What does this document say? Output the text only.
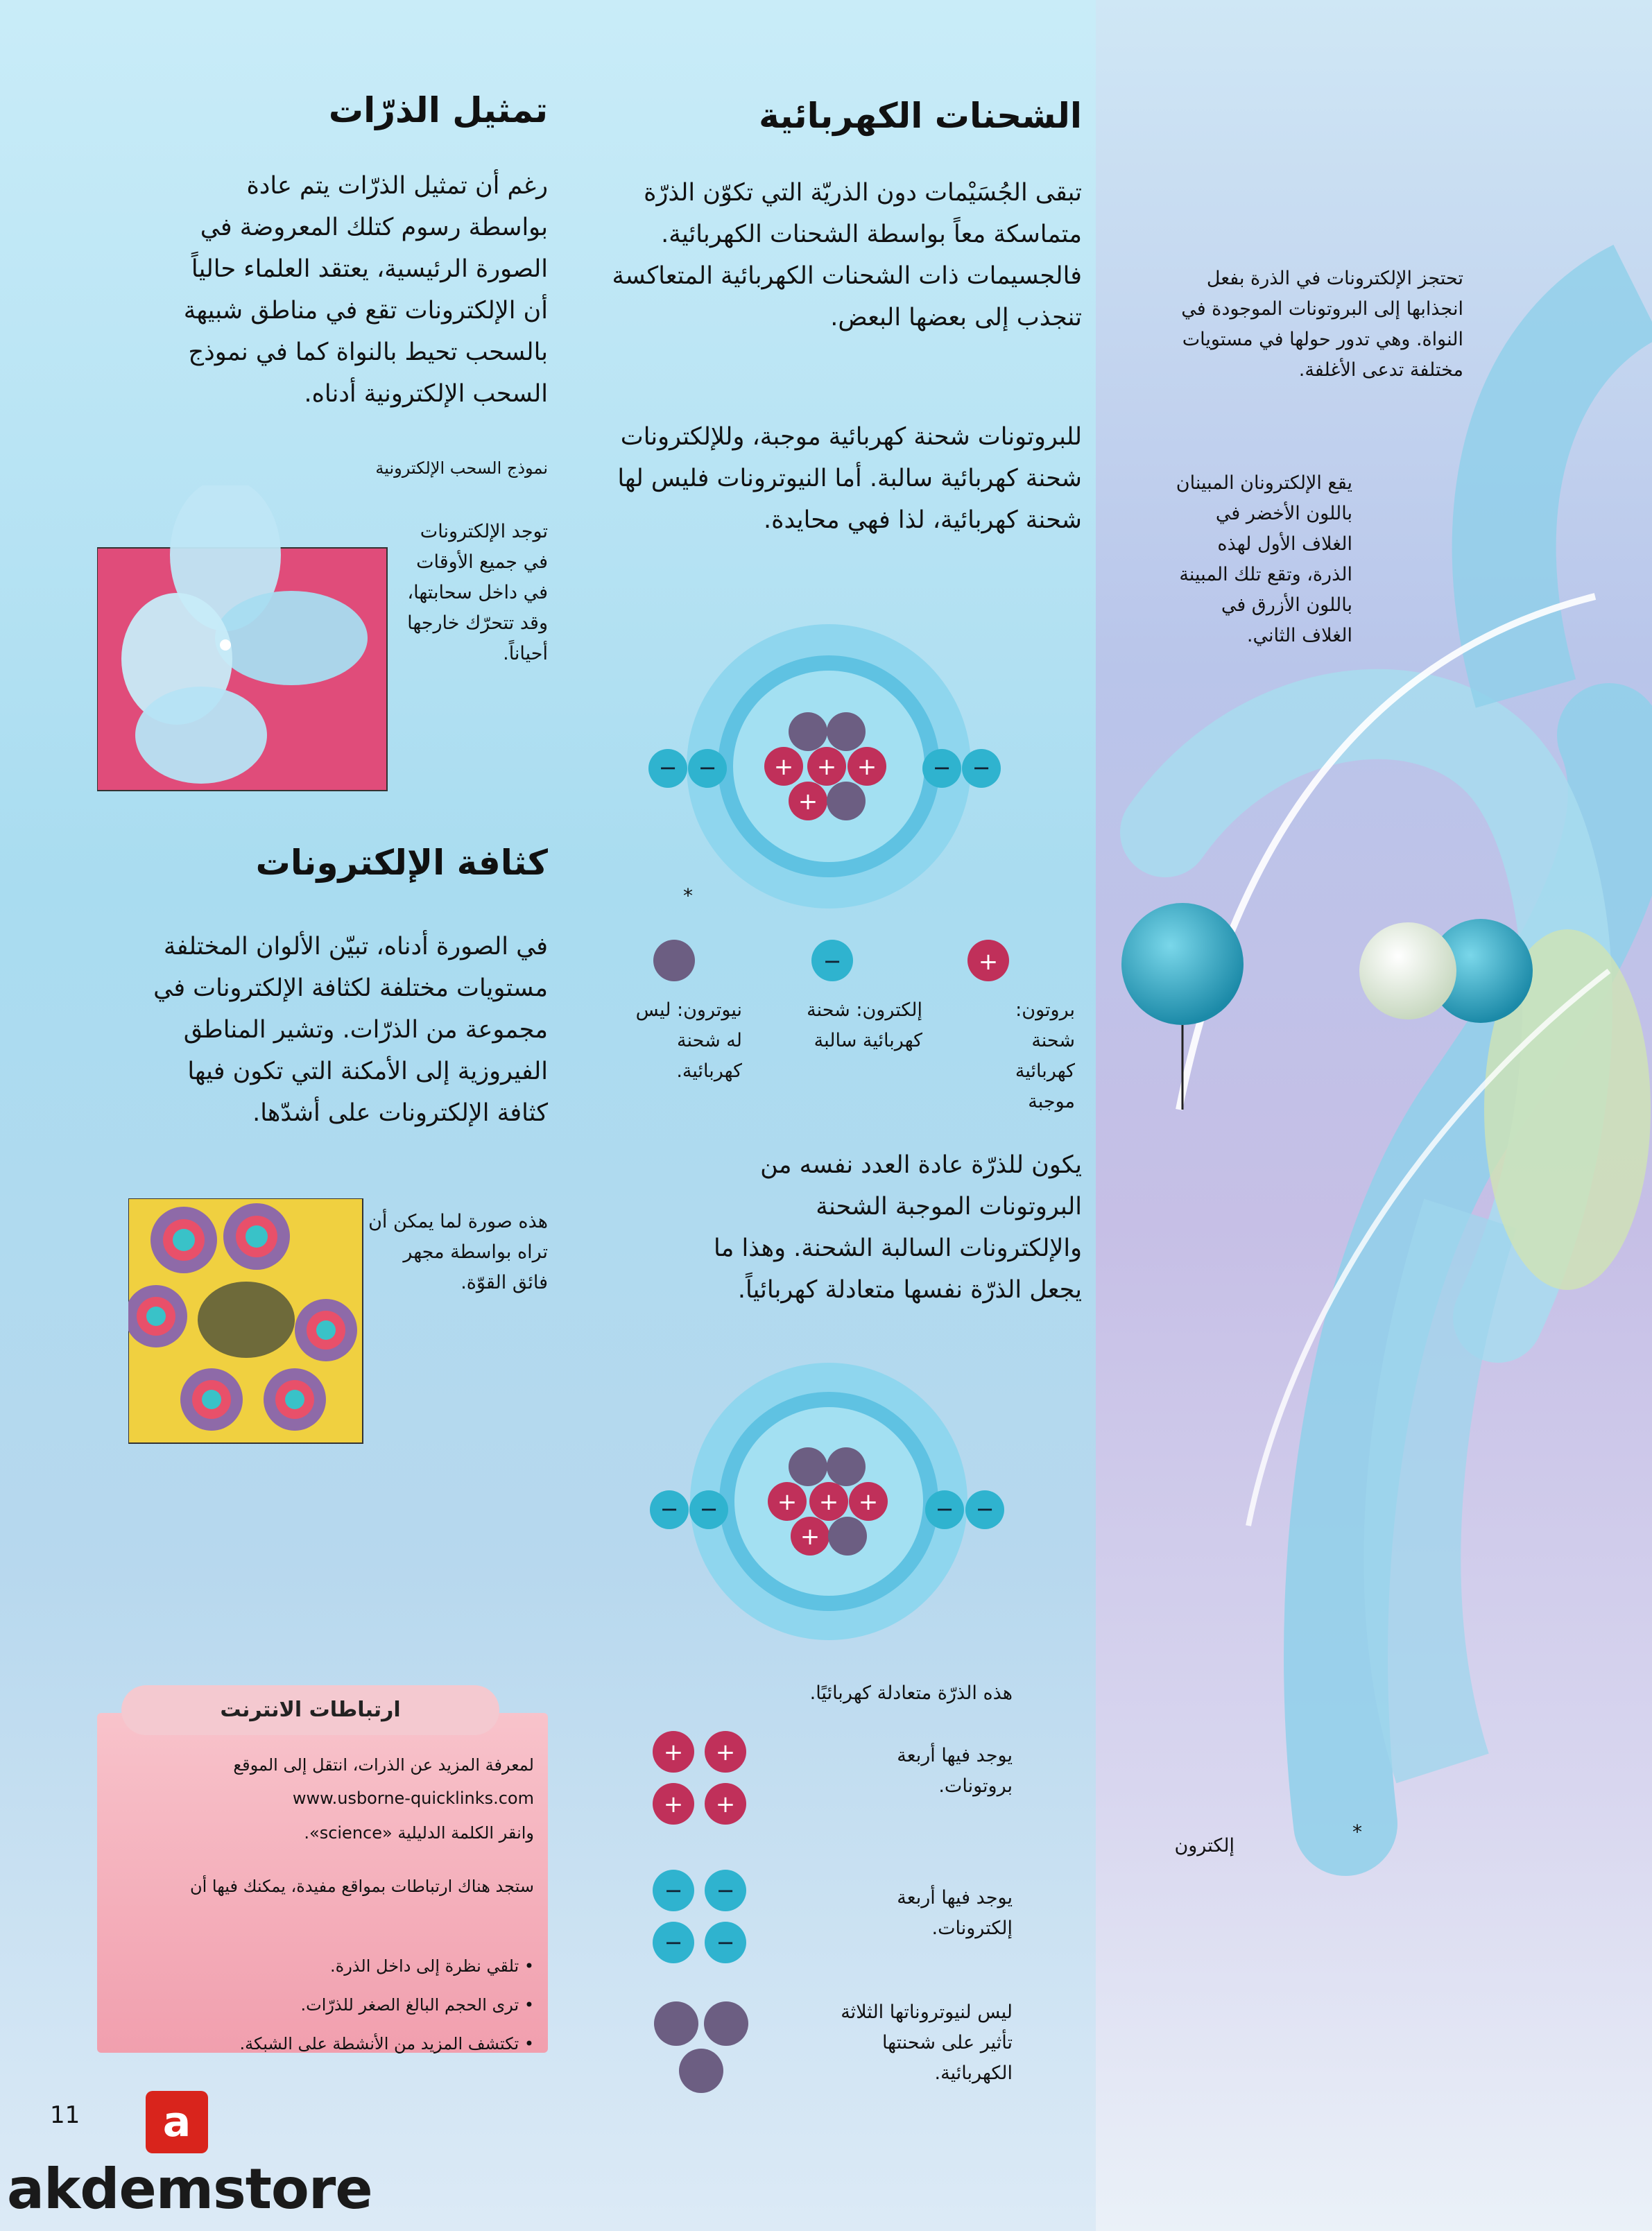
الشحنات الكهربائية
تبقى الجُسَيْمات دون الذريّة التي تكوّن الذرّة متماسكة معاً بواسطة الشحنات الكهربائية. فالجسيمات ذات الشحنات الكهربائية المتعاكسة تنجذب إلى بعضها البعض.
للبروتونات شحنة كهربائية موجبة، وللإلكترونات شحنة كهربائية سالبة. أما النيوترونات فليس لها شحنة كهربائية، لذا فهي محايدة.
+ + +
+
− −	− −
*
−	+
بروتون: شحنة كهربائية موجبة
إلكترون: شحنة كهربائية سالبة
نيوترون: ليس له شحنة كهربائية.
يكون للذرّة عادة العدد نفسه من البروتونات الموجبة الشحنة والإلكترونات السالبة الشحنة. وهذا ما يجعل الذرّة نفسها متعادلة كهربائياً.
+ + +
+
− −	− −
هذه الذرّة متعادلة كهربائيًا.
+ +
+ +
يوجد فيها أربعة بروتونات.
− −
− −
يوجد فيها أربعة إلكترونات.
ليس لنيوتروناتها الثلاثة تأثير على شحنتها الكهربائية.
تمثيل الذرّات
رغم أن تمثيل الذرّات يتم عادة بواسطة رسوم كتلك المعروضة في الصورة الرئيسية، يعتقد العلماء حالياً أن الإلكترونات تقع في مناطق شبيهة بالسحب تحيط بالنواة كما في نموذج السحب الإلكترونية أدناه.
نموذج السحب الإلكترونية
توجد الإلكترونات في جميع الأوقات في داخل سحابتها، وقد تتحرّك خارجها أحياناً.
كثافة الإلكترونات
في الصورة أدناه، تبيّن الألوان المختلفة مستويات مختلفة لكثافة الإلكترونات في مجموعة من الذرّات. وتشير المناطق الفيروزية إلى الأمكنة التي تكون فيها كثافة الإلكترونات على أشدّها.
هذه صورة لما يمكن أن تراه بواسطة مجهر فائق القوّة.
تحتجز الإلكترونات في الذرة بفعل انجذابها إلى البروتونات الموجودة في النواة. وهي تدور حولها في مستويات مختلفة تدعى الأغلفة.
يقع الإلكترونان المبينان باللون الأخضر في الغلاف الأول لهذه الذرة، وتقع تلك المبينة باللون الأزرق في الغلاف الثاني.
إلكترون
*
ارتباطات الانترنت
لمعرفة المزيد عن الذرات، انتقل إلى الموقع
www.usborne-quicklinks.com
وانقر الكلمة الدليلية «science».
ستجد هناك ارتباطات بمواقع مفيدة، يمكنك فيها أن
• تلقي نظرة إلى داخل الذرة.
• ترى الحجم البالغ الصغر للذرّات.
• تكتشف المزيد من الأنشطة على الشبكة.
11	a
akdemstore
